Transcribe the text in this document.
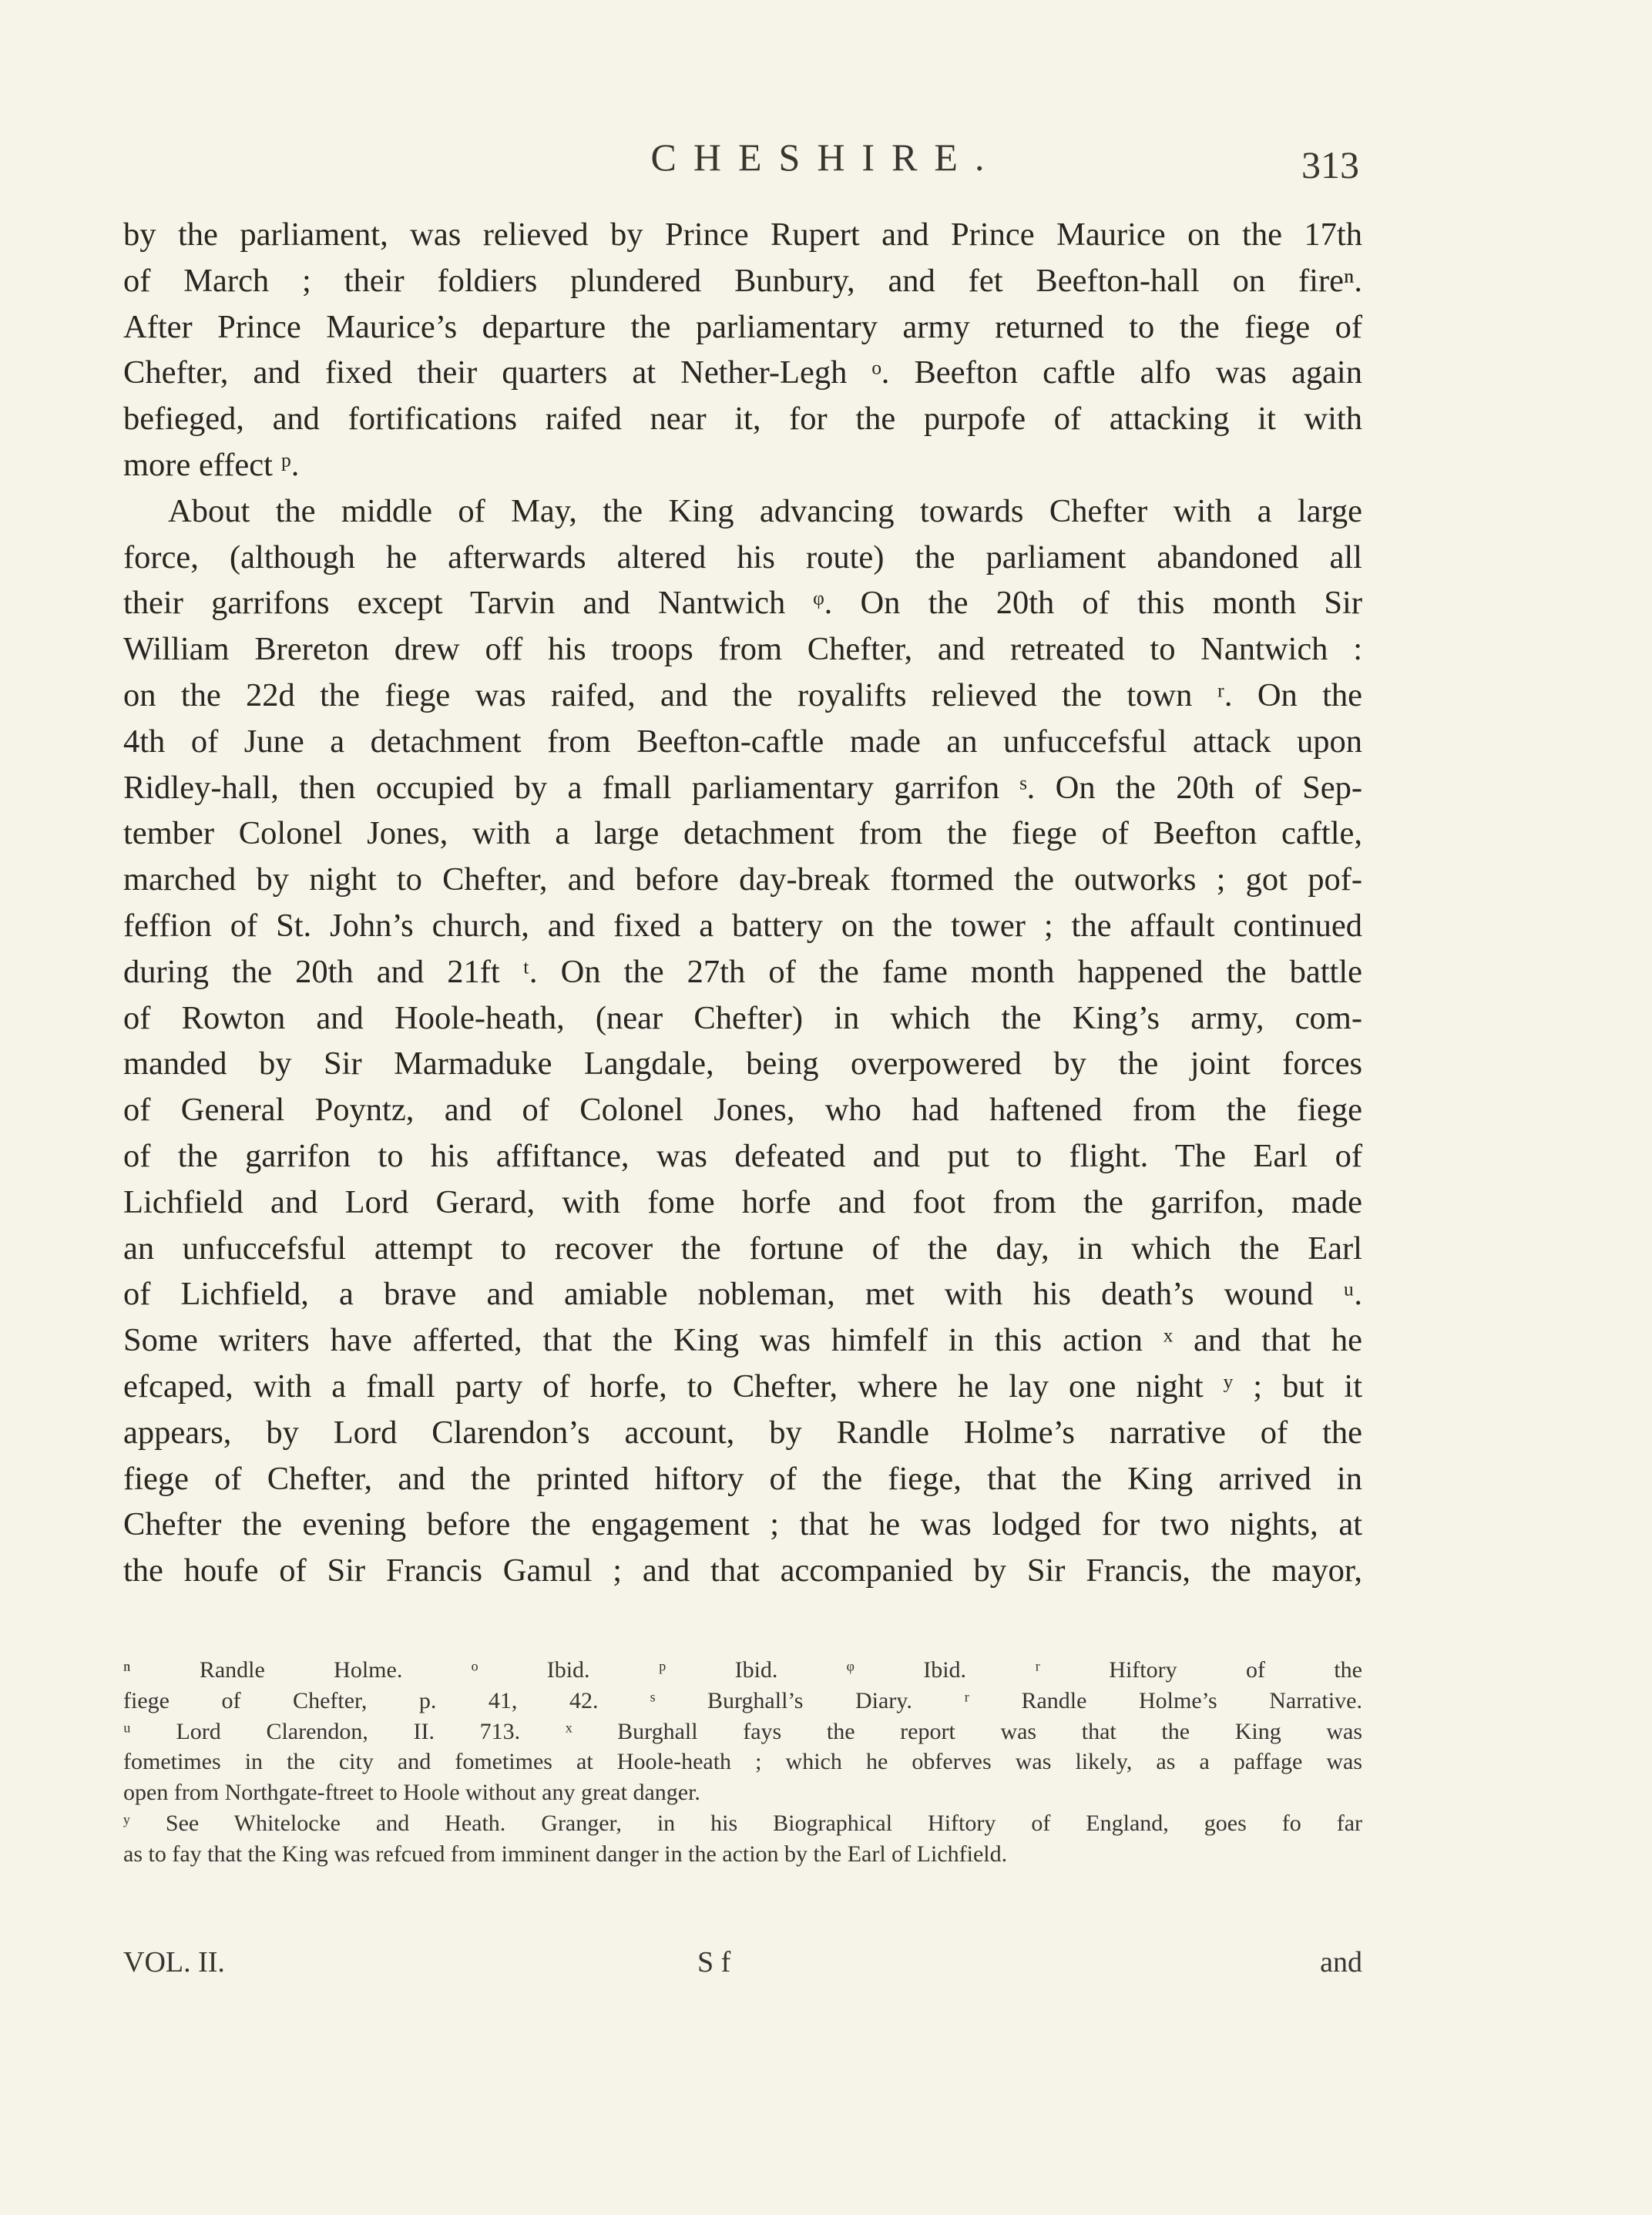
CHESHIRE.	313
by the parliament, was relieved by Prince Rupert and Prince Maurice on the 17th
of March ; their foldiers plundered Bunbury, and fet Beefton-hall on fireⁿ.
After Prince Maurice’s departure the parliamentary army returned to the fiege of
Chefter, and fixed their quarters at Nether-Legh ᵒ. Beefton caftle alfo was again
befieged, and fortifications raifed near it, for the purpofe of attacking it with
more effect ᵖ.
About the middle of May, the King advancing towards Chefter with a large
force, (although he afterwards altered his route) the parliament abandoned all
their garrifons except Tarvin and Nantwich ᵠ. On the 20th of this month Sir
William Brereton drew off his troops from Chefter, and retreated to Nantwich :
on the 22d the fiege was raifed, and the royalifts relieved the town ʳ. On the
4th of June a detachment from Beefton-caftle made an unfuccefsful attack upon
Ridley-hall, then occupied by a fmall parliamentary garrifon ˢ. On the 20th of Sep-
tember Colonel Jones, with a large detachment from the fiege of Beefton caftle,
marched by night to Chefter, and before day-break ftormed the outworks ; got pof-
feffion of St. John’s church, and fixed a battery on the tower ; the affault continued
during the 20th and 21ft ᵗ. On the 27th of the fame month happened the battle
of Rowton and Hoole-heath, (near Chefter) in which the King’s army, com-
manded by Sir Marmaduke Langdale, being overpowered by the joint forces
of General Poyntz, and of Colonel Jones, who had haftened from the fiege
of the garrifon to his affiftance, was defeated and put to flight. The Earl of
Lichfield and Lord Gerard, with fome horfe and foot from the garrifon, made
an unfuccefsful attempt to recover the fortune of the day, in which the Earl
of Lichfield, a brave and amiable nobleman, met with his death’s wound ᵘ.
Some writers have afferted, that the King was himfelf in this action ˣ and that he
efcaped, with a fmall party of horfe, to Chefter, where he lay one night ʸ ; but it
appears, by Lord Clarendon’s account, by Randle Holme’s narrative of the
fiege of Chefter, and the printed hiftory of the fiege, that the King arrived in
Chefter the evening before the engagement ; that he was lodged for two nights, at
the houfe of Sir Francis Gamul ; and that accompanied by Sir Francis, the mayor,
ⁿ Randle Holme. ᵒ Ibid. ᵖ Ibid. ᵠ Ibid. ʳ Hiftory of the
fiege of Chefter, p. 41, 42. ˢ Burghall’s Diary. ʳ Randle Holme’s Narrative.
ᵘ Lord Clarendon, II. 713. ˣ Burghall fays the report was that the King was
fometimes in the city and fometimes at Hoole-heath ; which he obferves was likely, as a paffage was
open from Northgate-ftreet to Hoole without any great danger.
ʸ See Whitelocke and Heath. Granger, in his Biographical Hiftory of England, goes fo far
as to fay that the King was refcued from imminent danger in the action by the Earl of Lichfield.
VOL. II.	S f	and
